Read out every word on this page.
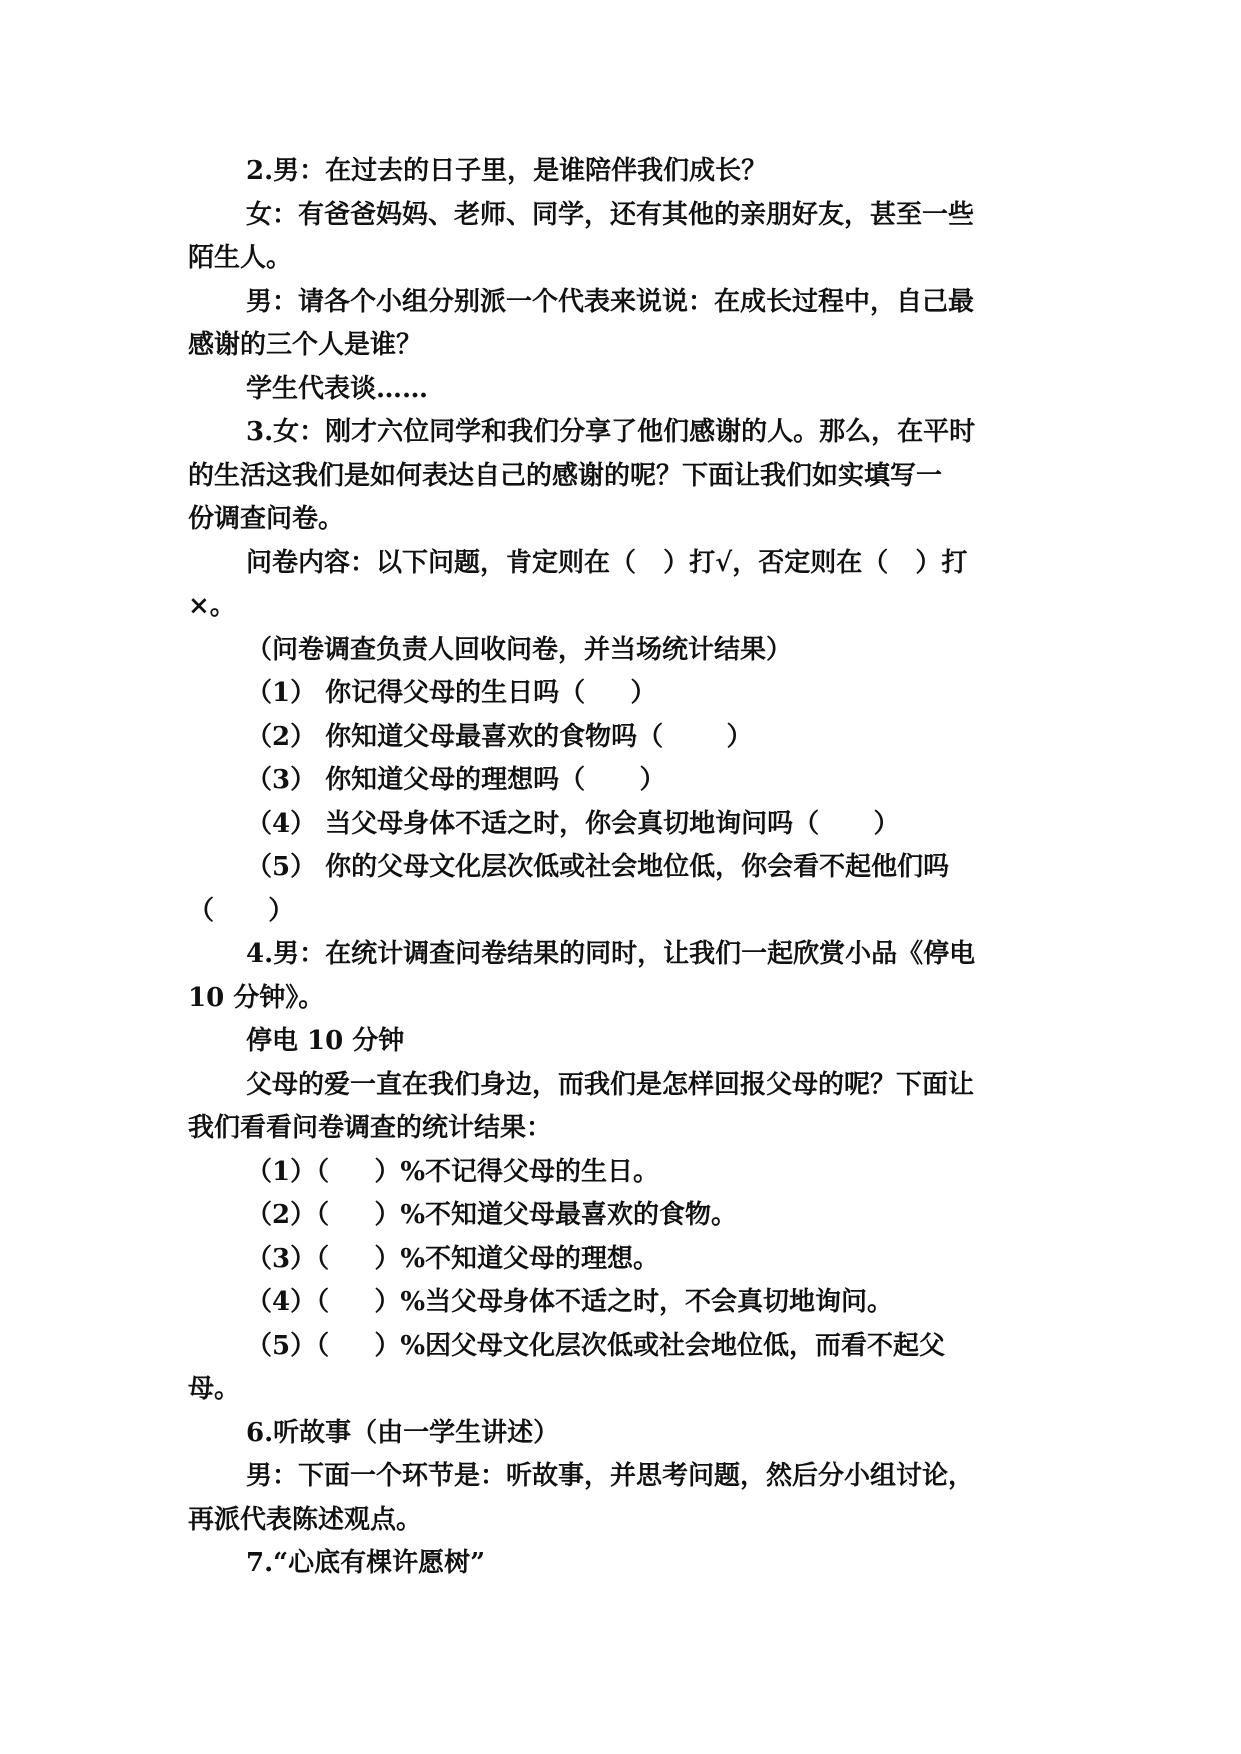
2.男：在过去的日子里，是谁陪伴我们成长？
女：有爸爸妈妈、老师、同学，还有其他的亲朋好友，甚至一些
陌生人。
男：请各个小组分别派一个代表来说说：在成长过程中，自己最
感谢的三个人是谁？
学生代表谈……
3.女：刚才六位同学和我们分享了他们感谢的人。那么，在平时
的生活这我们是如何表达自己的感谢的呢？下面让我们如实填写一
份调查问卷。
问卷内容：以下问题，肯定则在（   ）打√，否定则在（   ）打
×。
（问卷调查负责人回收问卷，并当场统计结果）
（1） 你记得父母的生日吗（     ）
（2） 你知道父母最喜欢的食物吗（       ）
（3） 你知道父母的理想吗（      ）
（4） 当父母身体不适之时，你会真切地询问吗（      ）
（5） 你的父母文化层次低或社会地位低，你会看不起他们吗
（      ）
4.男：在统计调查问卷结果的同时，让我们一起欣赏小品《停电
10 分钟》。
停电 10 分钟
父母的爱一直在我们身边，而我们是怎样回报父母的呢？下面让
我们看看问卷调查的统计结果：
（1）（     ）%不记得父母的生日。
（2）（     ）%不知道父母最喜欢的食物。
（3）（     ）%不知道父母的理想。
（4）（     ）%当父母身体不适之时，不会真切地询问。
（5）（     ）%因父母文化层次低或社会地位低，而看不起父
母。
6.听故事（由一学生讲述）
男：下面一个环节是：听故事，并思考问题，然后分小组讨论，
再派代表陈述观点。
7.“心底有棵许愿树”
